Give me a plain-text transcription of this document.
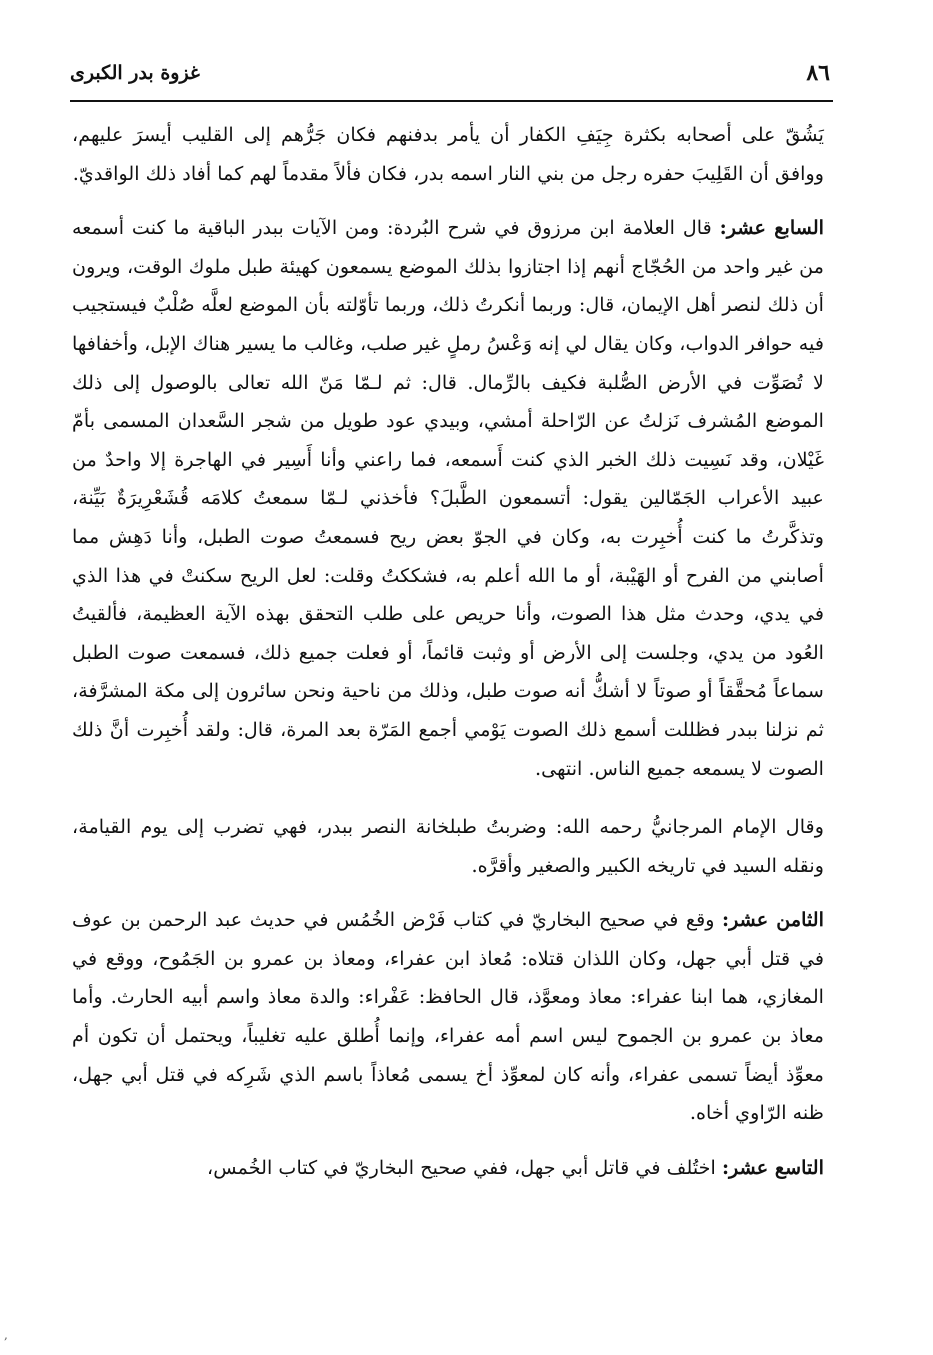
٨٦
غزوة بدر الكبرى

يَشُقّ على أصحابه بكثرة جِيَفِ الكفار أن يأمر بدفنهم فكان جَرُّهم إلى القليب أيسرَ عليهم، ووافق أن القَلِيبَ حفره رجل من بني النار اسمه بدر، فكان فألاً مقدماً لهم كما أفاد ذلك الواقديّ.

السابع عشر: قال العلامة ابن مرزوق في شرح البُردة: ومن الآيات ببدر الباقية ما كنت أسمعه من غير واحد من الحُجّاج أنهم إذا اجتازوا بذلك الموضع يسمعون كهيئة طبل ملوك الوقت، ويرون أن ذلك لنصر أهل الإيمان، قال: وربما أنكرتُ ذلك، وربما تأوّلته بأن الموضع لعلَّه صُلْبٌ فيستجيب فيه حوافر الدواب، وكان يقال لي إنه وَعْسُ رملٍ غير صلب، وغالب ما يسير هناك الإبل، وأخفافها لا تُصَوِّت في الأرض الصُّلبة فكيف بالرِّمال. قال: ثم لـمّا مَنّ الله تعالى بالوصول إلى ذلك الموضع المُشرف نَزلتُ عن الرّاحلة أمشي، وبيدي عود طويل من شجر السَّعدان المسمى بأمّ غَيْلان، وقد نَسِيت ذلك الخبر الذي كنت أَسمعه، فما راعني وأنا أَسِير في الهاجرة إلا واحدٌ من عبيد الأعراب الجَمّالين يقول: أتسمعون الطَّبلَ؟ فأخذني لـمّا سمعتُ كلامَه قُشَعْرِيرَةٌ بَيِّنة، وتذكَّرتُ ما كنت أُخبِرت به، وكان في الجوّ بعض ريح فسمعتُ صوت الطبل، وأنا دَهِش مما أصابني من الفرح أو الهَيْبة، أو ما الله أعلم به، فشككتُ وقلت: لعل الريح سكنتْ في هذا الذي في يدي، وحدث مثل هذا الصوت، وأنا حريص على طلب التحقق بهذه الآية العظيمة، فألقيتُ العُود من يدي، وجلست إلى الأرض أو وثبت قائماً، أو فعلت جميع ذلك، فسمعت صوت الطبل سماعاً مُحقَّقاً أو صوتاً لا أشكُّ أنه صوت طبل، وذلك من ناحية ونحن سائرون إلى مكة المشرَّفة، ثم نزلنا ببدر فظللت أسمع ذلك الصوت يَوْمي أجمع المَرّة بعد المرة، قال: ولقد أُخبِرت أنَّ ذلك الصوت لا يسمعه جميع الناس. انتهى.

وقال الإمام المرجانيُّ رحمه الله: وضربتُ طبلخانة النصر ببدر، فهي تضرب إلى يوم القيامة، ونقله السيد في تاريخه الكبير والصغير وأقرَّه.

الثامن عشر: وقع في صحيح البخاريّ في كتاب فَرْض الخُمُس في حديث عبد الرحمن بن عوف في قتل أبي جهل، وكان اللذان قتلاه: مُعاذ ابن عفراء، ومعاذ بن عمرو بن الجَمُوح، ووقع في المغازي، هما ابنا عفراء: معاذ ومعوَّذ، قال الحافظ: عَفْراء: والدة معاذ واسم أبيه الحارث. وأما معاذ بن عمرو بن الجموح ليس اسم أمه عفراء، وإنما أُطلق عليه تغليباً، ويحتمل أن تكون أم معوِّذ أيضاً تسمى عفراء، وأنه كان لمعوِّذ أخ يسمى مُعاذاً باسم الذي شَرِكه في قتل أبي جهل، ظنه الرّاوي أخاه.

التاسع عشر: اختُلف في قاتل أبي جهل، ففي صحيح البخاريّ في كتاب الخُمس،

,
